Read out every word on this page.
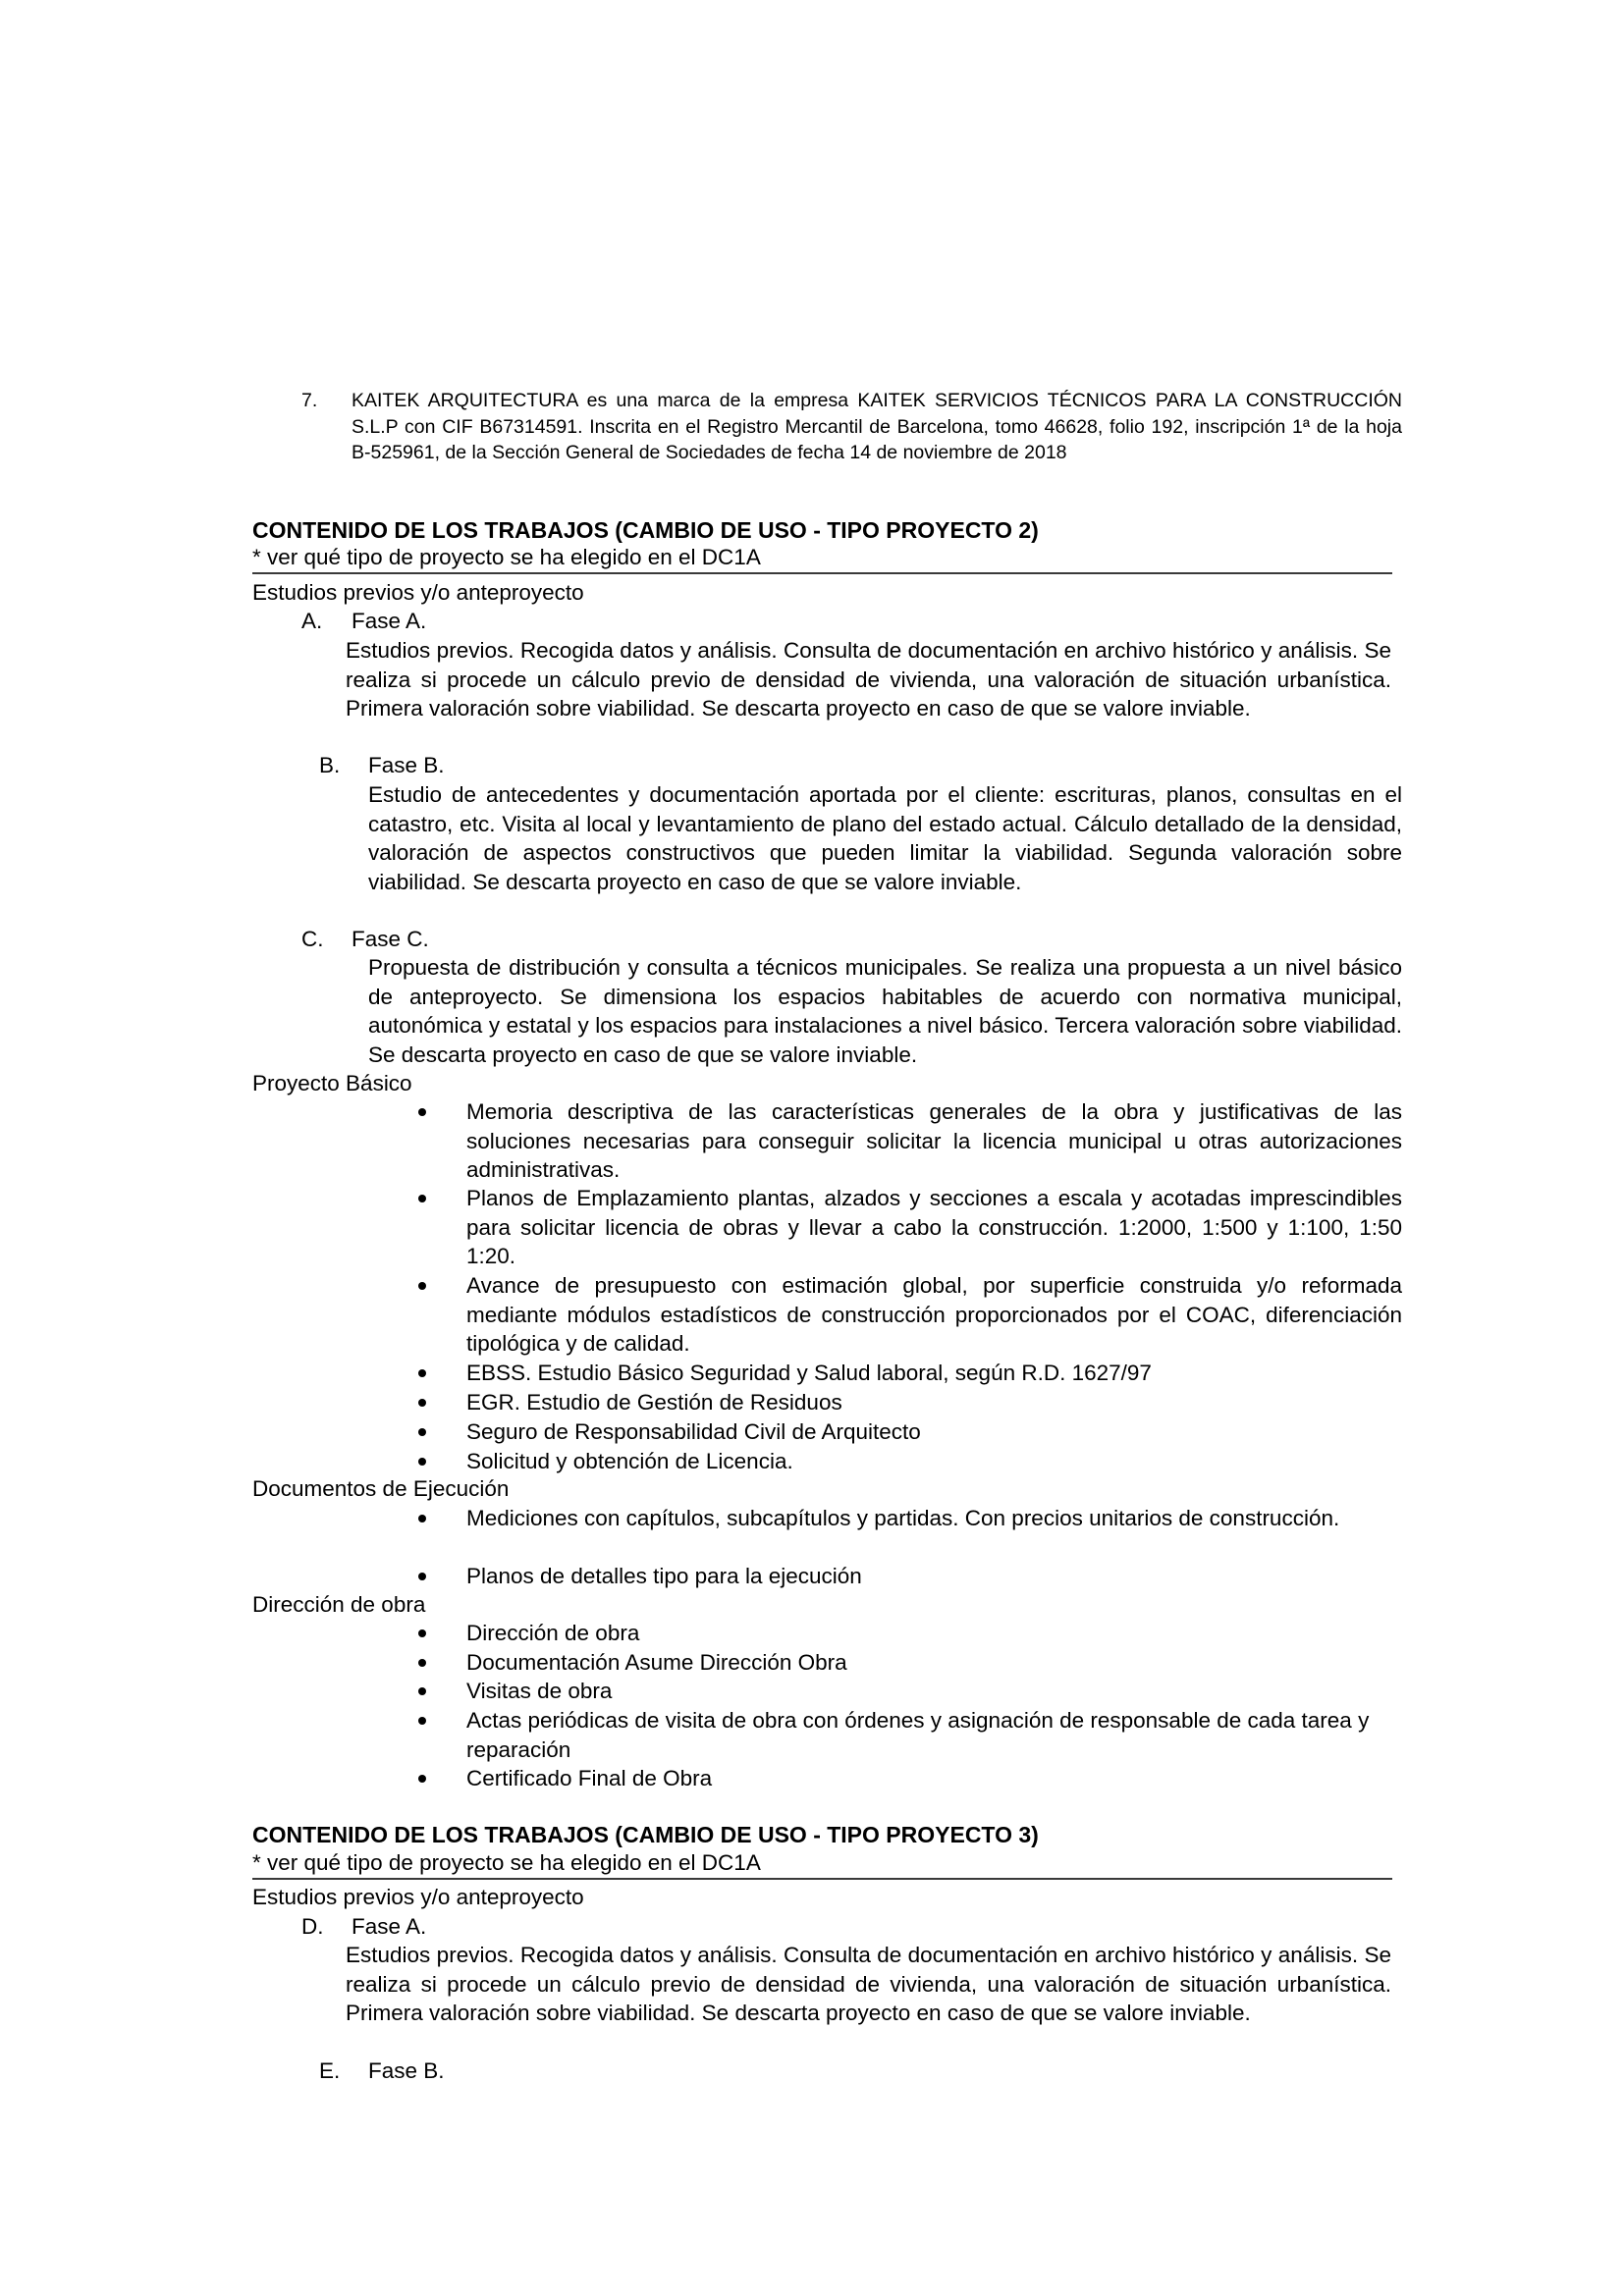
7. KAITEK ARQUITECTURA es una marca de la empresa KAITEK SERVICIOS TÉCNICOS PARA LA CONSTRUCCIÓN S.L.P con CIF B67314591. Inscrita en el Registro Mercantil de Barcelona, tomo 46628, folio 192, inscripción 1ª de la hoja B-525961, de la Sección General de Sociedades de fecha 14 de noviembre de 2018
CONTENIDO DE LOS TRABAJOS (CAMBIO DE USO - TIPO PROYECTO 2)
* ver qué tipo de proyecto se ha elegido en el DC1A
Estudios previos y/o anteproyecto
A. Fase A.
Estudios previos. Recogida datos y análisis. Consulta de documentación en archivo histórico y análisis. Se realiza si procede un cálculo previo de densidad de vivienda, una valoración de situación urbanística. Primera valoración sobre viabilidad. Se descarta proyecto en caso de que se valore inviable.
B. Fase B.
Estudio de antecedentes y documentación aportada por el cliente: escrituras, planos, consultas en el catastro, etc. Visita al local y levantamiento de plano del estado actual. Cálculo detallado de la densidad, valoración de aspectos constructivos que pueden limitar la viabilidad. Segunda valoración sobre viabilidad. Se descarta proyecto en caso de que se valore inviable.
C. Fase C.
Propuesta de distribución y consulta a técnicos municipales. Se realiza una propuesta a un nivel básico de anteproyecto. Se dimensiona los espacios habitables de acuerdo con normativa municipal, autonómica y estatal y los espacios para instalaciones a nivel básico. Tercera valoración sobre viabilidad. Se descarta proyecto en caso de que se valore inviable.
Proyecto Básico
Memoria descriptiva de las características generales de la obra y justificativas de las soluciones necesarias para conseguir solicitar la licencia municipal u otras autorizaciones administrativas.
Planos de Emplazamiento plantas, alzados y secciones a escala y acotadas imprescindibles para solicitar licencia de obras y llevar a cabo la construcción. 1:2000, 1:500 y 1:100, 1:50 1:20.
Avance de presupuesto con estimación global, por superficie construida y/o reformada mediante módulos estadísticos de construcción proporcionados por el COAC, diferenciación tipológica y de calidad.
EBSS. Estudio Básico Seguridad y Salud laboral, según R.D. 1627/97
EGR. Estudio de Gestión de Residuos
Seguro de Responsabilidad Civil de Arquitecto
Solicitud y obtención de Licencia.
Documentos de Ejecución
Mediciones con capítulos, subcapítulos y partidas. Con precios unitarios de construcción.
Planos de detalles tipo para la ejecución
Dirección de obra
Dirección de obra
Documentación Asume Dirección Obra
Visitas de obra
Actas periódicas de visita de obra con órdenes y asignación de responsable de cada tarea y reparación
Certificado Final de Obra
CONTENIDO DE LOS TRABAJOS (CAMBIO DE USO - TIPO PROYECTO 3)
* ver qué tipo de proyecto se ha elegido en el DC1A
Estudios previos y/o anteproyecto
D. Fase A.
Estudios previos. Recogida datos y análisis. Consulta de documentación en archivo histórico y análisis. Se realiza si procede un cálculo previo de densidad de vivienda, una valoración de situación urbanística. Primera valoración sobre viabilidad. Se descarta proyecto en caso de que se valore inviable.
E. Fase B.
